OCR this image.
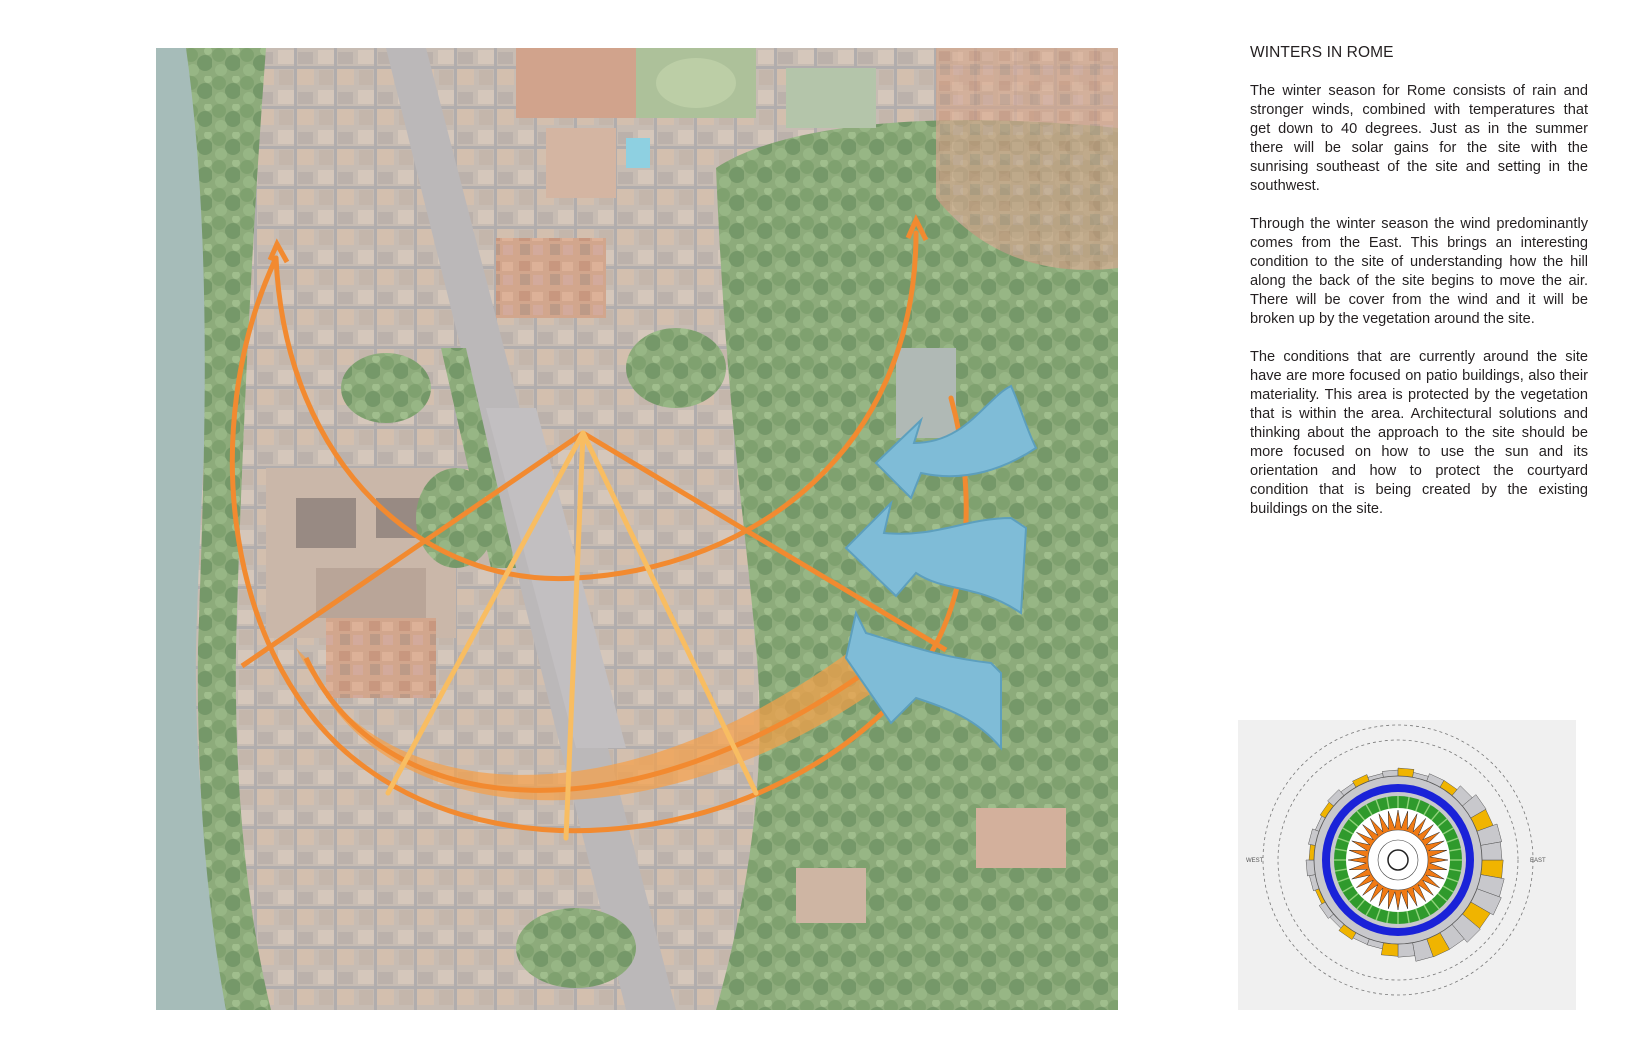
WINTERS IN ROME

The winter season for Rome consists of rain and stronger winds, combined with temperatures that get down to 40 degrees. Just as in the summer there will be solar gains for the site with the sunrising southeast of the site and setting in the southwest.

Through the winter season the wind predominantly comes from the East. This brings an interesting condition to the site of understanding how the hill along the back of the site begins to move the air. There will be cover from the wind and it will be broken up by the vegetation around the site.

The conditions that are currently around the site have are more focused on patio buildings, also their materiality. This area is protected by the vegetation that is within the area. Architectural solutions and thinking about the approach to the site should be more focused on how to use the sun and its orientation and how to protect the courtyard condition that is being created by the existing buildings on the site.

WEST	EAST
